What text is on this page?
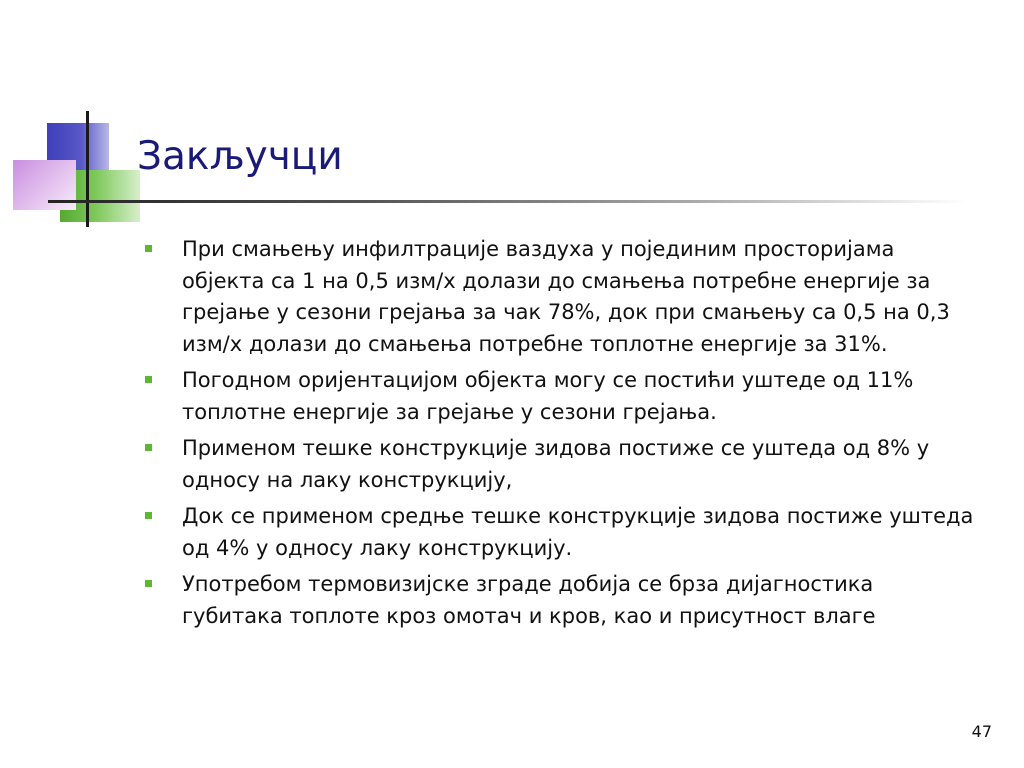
Закључци
При смањењу инфилтрације ваздуха у појединим просторијама објекта са 1 на 0,5 изм/х долази до смањења потребне енергије за грејање у сезони грејања за чак 78%, док при смањењу са 0,5 на 0,3 изм/х долази до смањења потребне топлотне енергије за 31%.
Погодном оријентацијом објекта могу се постићи уштеде од 11% топлотне енергије за грејање у сезони грејања.
Применом тешке конструкције зидова постиже се уштеда од 8% у односу на лаку конструкцију,
Док се применом средње тешке конструкције зидова постиже уштеда од 4% у односу лаку конструкцију.
Употребом термовизијске зграде добија се брза дијагностика губитака топлоте кроз омотач и кров, као и присутност влаге
47
